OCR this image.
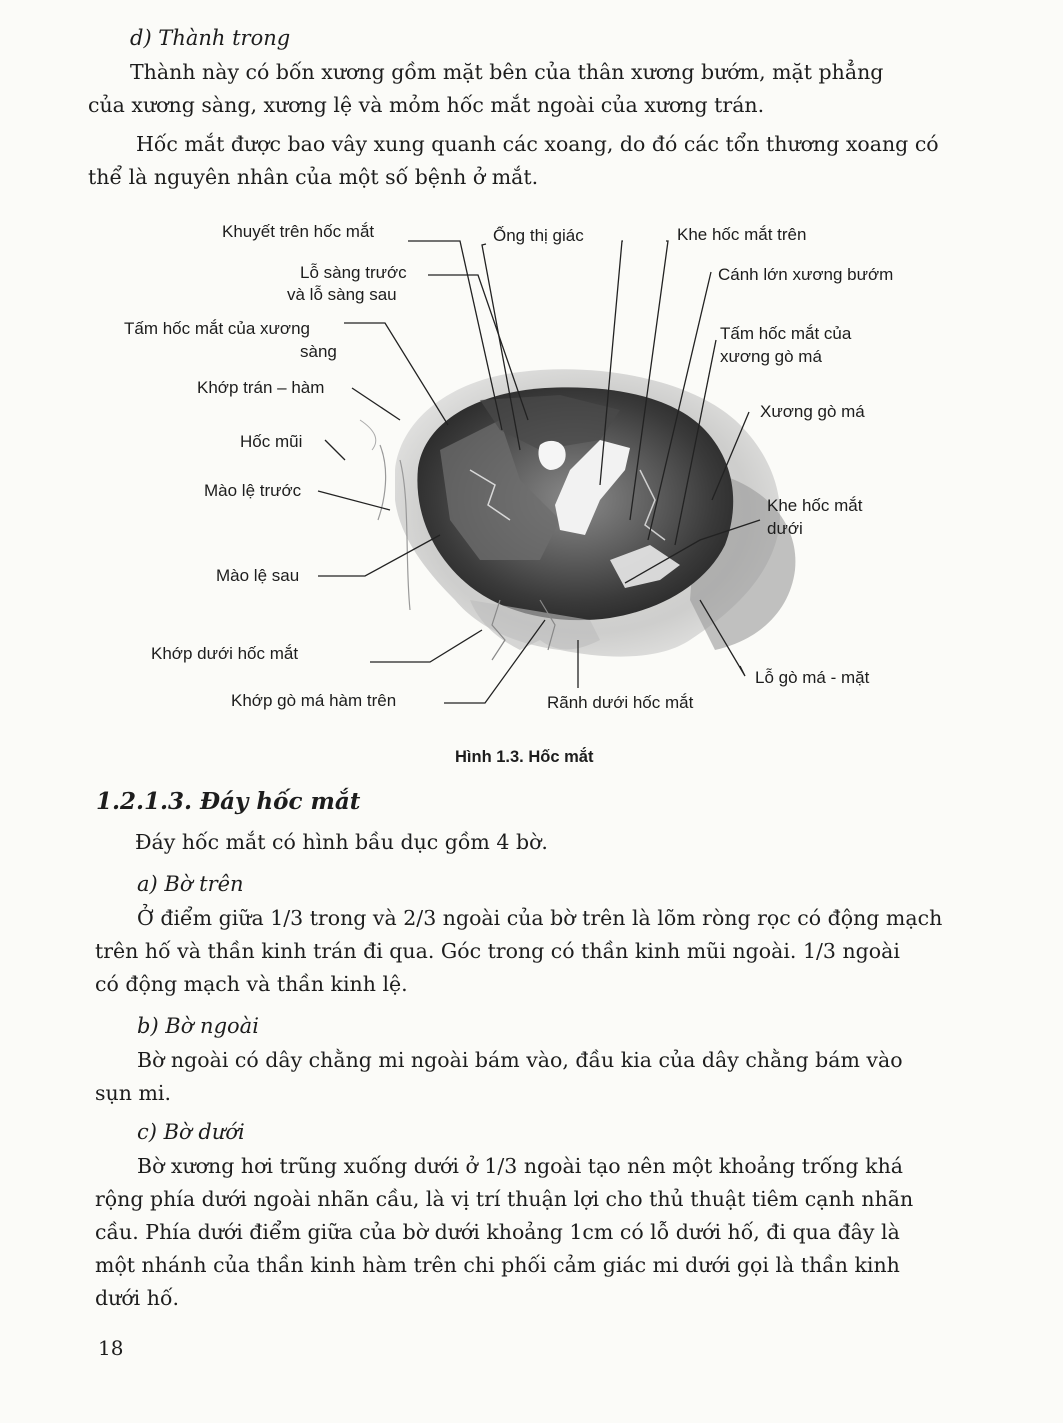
d) Thành trong
Thành này có bốn xương gồm mặt bên của thân xương bướm, mặt phẳng
của xương sàng, xương lệ và mỏm hốc mắt ngoài của xương trán.
Hốc mắt được bao vây xung quanh các xoang, do đó các tổn thương xoang có
thể là nguyên nhân của một số bệnh ở mắt.
Khuyết trên hốc mắt	Ống thị giác	Khe hốc mắt trên
Lỗ sàng trước
và lỗ sàng sau
Cánh lớn xương bướm
Tấm hốc mắt của xương
sàng
Tấm hốc mắt của
xương gò má
Khớp trán – hàm
Xương gò má
Hốc mũi
Mào lệ trước
Khe hốc mắt
dưới
Mào lệ sau
Khớp dưới hốc mắt
Lỗ gò má - mặt
Khớp gò má hàm trên	Rãnh dưới hốc mắt
Hình 1.3. Hốc mắt
1.2.1.3. Đáy hốc mắt
Đáy hốc mắt có hình bầu dục gồm 4 bờ.
a) Bờ trên
Ở điểm giữa 1/3 trong và 2/3 ngoài của bờ trên là lõm ròng rọc có động mạch
trên hố và thần kinh trán đi qua. Góc trong có thần kinh mũi ngoài. 1/3 ngoài
có động mạch và thần kinh lệ.
b) Bờ ngoài
Bờ ngoài có dây chằng mi ngoài bám vào, đầu kia của dây chằng bám vào
sụn mi.
c) Bờ dưới
Bờ xương hơi trũng xuống dưới ở 1/3 ngoài tạo nên một khoảng trống khá
rộng phía dưới ngoài nhãn cầu, là vị trí thuận lợi cho thủ thuật tiêm cạnh nhãn
cầu. Phía dưới điểm giữa của bờ dưới khoảng 1cm có lỗ dưới hố, đi qua đây là
một nhánh của thần kinh hàm trên chi phối cảm giác mi dưới gọi là thần kinh
dưới hố.
18
